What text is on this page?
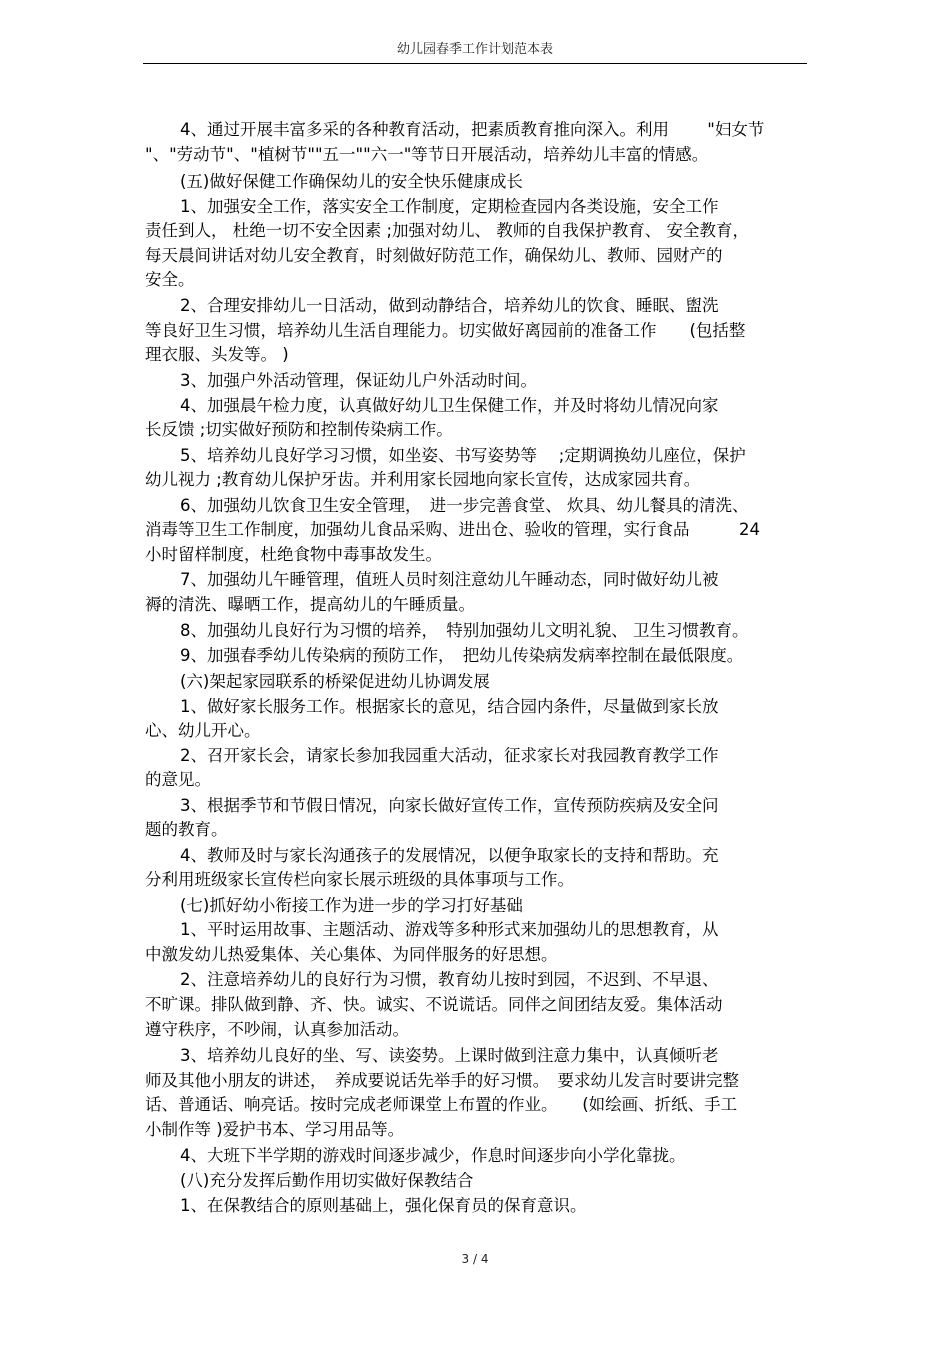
幼儿园春季工作计划范本表
4、通过开展丰富多采的各种教育活动，把素质教育推向深入。利用　　 "妇女节
"、"劳动节"、"植树节""五一""六一"等节日开展活动，培养幼儿丰富的情感。
(五)做好保健工作确保幼儿的安全快乐健康成长
1、加强安全工作，落实安全工作制度，定期检查园内各类设施，安全工作
责任到人， 杜绝一切不安全因素 ;加强对幼儿、 教师的自我保护教育、 安全教育，
每天晨间讲话对幼儿安全教育，时刻做好防范工作，确保幼儿、教师、园财产的
安全。
2、合理安排幼儿一日活动，做到动静结合，培养幼儿的饮食、睡眠、盥洗
等良好卫生习惯，培养幼儿生活自理能力。切实做好离园前的准备工作　　(包括整
理衣服、头发等。 )
3、加强户外活动管理，保证幼儿户外活动时间。
4、加强晨午检力度，认真做好幼儿卫生保健工作，并及时将幼儿情况向家
长反馈 ;切实做好预防和控制传染病工作。
5、培养幼儿良好学习习惯，如坐姿、书写姿势等　 ;定期调换幼儿座位，保护
幼儿视力 ;教育幼儿保护牙齿。并利用家长园地向家长宣传，达成家园共育。
6、加强幼儿饮食卫生安全管理，　进一步完善食堂、 炊具、幼儿餐具的清洗、
消毒等卫生工作制度，加强幼儿食品采购、进出仓、验收的管理，实行食品　　　24
小时留样制度，杜绝食物中毒事故发生。
7、加强幼儿午睡管理，值班人员时刻注意幼儿午睡动态，同时做好幼儿被
褥的清洗、曝晒工作，提高幼儿的午睡质量。
8、加强幼儿良好行为习惯的培养，　特别加强幼儿文明礼貌、 卫生习惯教育。
9、加强春季幼儿传染病的预防工作，　把幼儿传染病发病率控制在最低限度。
(六)架起家园联系的桥梁促进幼儿协调发展
1、做好家长服务工作。根据家长的意见，结合园内条件，尽量做到家长放
心、幼儿开心。
2、召开家长会，请家长参加我园重大活动，征求家长对我园教育教学工作
的意见。
3、根据季节和节假日情况，向家长做好宣传工作，宣传预防疾病及安全问
题的教育。
4、教师及时与家长沟通孩子的发展情况，以便争取家长的支持和帮助。充
分利用班级家长宣传栏向家长展示班级的具体事项与工作。
(七)抓好幼小衔接工作为进一步的学习打好基础
1、平时运用故事、主题活动、游戏等多种形式来加强幼儿的思想教育，从
中激发幼儿热爱集体、关心集体、为同伴服务的好思想。
2、注意培养幼儿的良好行为习惯，教育幼儿按时到园，不迟到、不早退、
不旷课。排队做到静、齐、快。诚实、不说谎话。同伴之间团结友爱。集体活动
遵守秩序，不吵闹，认真参加活动。
3、培养幼儿良好的坐、写、读姿势。上课时做到注意力集中，认真倾听老
师及其他小朋友的讲述，　养成要说话先举手的好习惯。　要求幼儿发言时要讲完整
话、普通话、响亮话。按时完成老师课堂上布置的作业。　　(如绘画、折纸、手工
小制作等 )爱护书本、学习用品等。
4、大班下半学期的游戏时间逐步减少，作息时间逐步向小学化靠拢。
(八)充分发挥后勤作用切实做好保教结合
1、在保教结合的原则基础上，强化保育员的保育意识。
3 / 4
